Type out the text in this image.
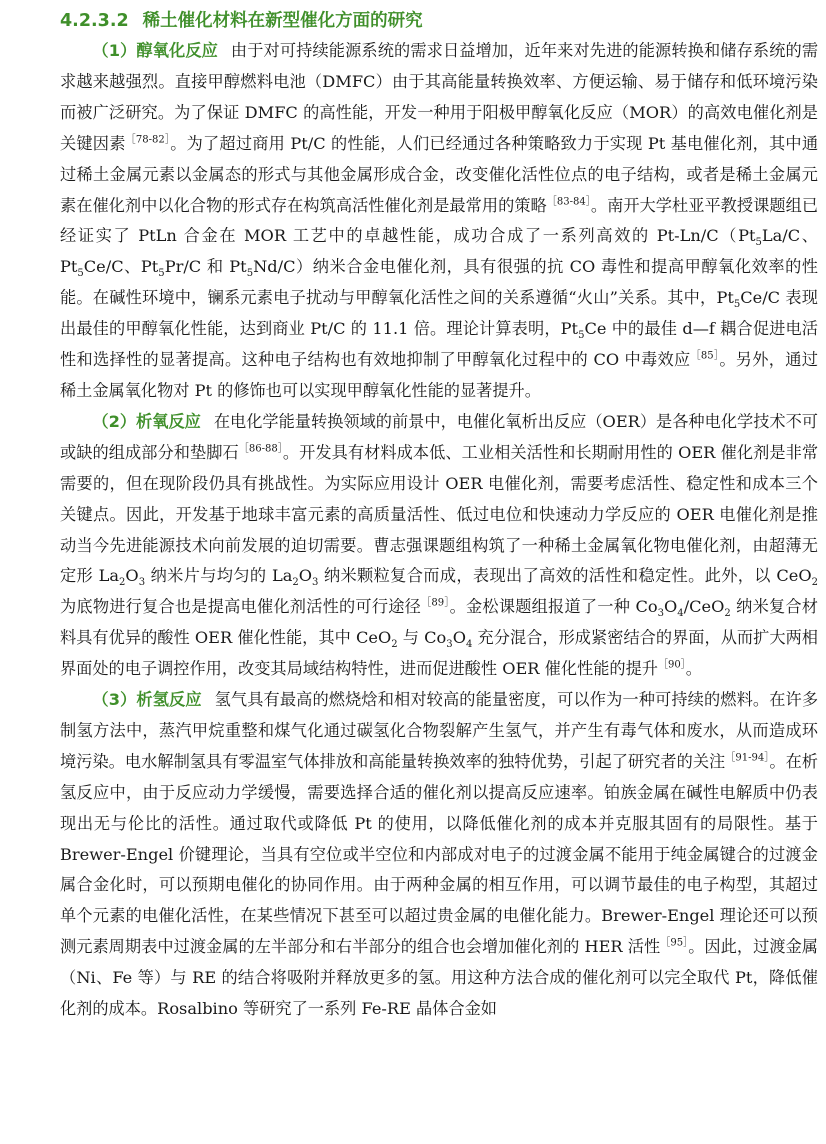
4.2.3.2 稀土催化材料在新型催化方面的研究

（1）醇氧化反应 由于对可持续能源系统的需求日益增加，近年来对先进的能源转换和储存系统的需求越来越强烈。直接甲醇燃料电池（DMFC）由于其高能量转换效率、方便运输、易于储存和低环境污染而被广泛研究。为了保证 DMFC 的高性能，开发一种用于阳极甲醇氧化反应（MOR）的高效电催化剂是关键因素$^{[78-82]}$。为了超过商用 Pt/C 的性能，人们已经通过各种策略致力于实现 Pt 基电催化剂，其中通过稀土金属元素以金属态的形式与其他金属形成合金，改变催化活性位点的电子结构，或者是稀土金属元素在催化剂中以化合物的形式存在构筑高活性催化剂是最常用的策略$^{[83-84]}$。南开大学杜亚平教授课题组已经证实了 PtLn 合金在 MOR 工艺中的卓越性能，成功合成了一系列高效的 $Pt-Ln/C(Pt_5La/C$、$Pt_5Ce/C$、$Pt_5Pr/C$ 和 $Pt_5Nd/C$）纳米合金电催化剂，具有很强的抗 CO 毒性和提高甲醇氧化效率的性能。在碱性环境中，镧系元素电子扰动与甲醇氧化活性之间的关系遵循“火山”关系。其中，$Pt_5Ce/C$ 表现出最佳的甲醇氧化性能，达到商业 Pt/C 的 11.1 倍。理论计算表明，$Pt_5Ce$ 中的最佳 d—f 耦合促进电活性和选择性的显著提高。这种电子结构也有效地抑制了甲醇氧化过程中的 CO 中毒效应$^{[85]}$。另外，通过稀土金属氧化物对 Pt 的修饰也可以实现甲醇氧化性能的显著提升。

（2）析氧反应 在电化学能量转换领域的前景中，电催化氧析出反应（OER）是各种电化学技术不可或缺的组成部分和垫脚石$^{[86-88]}$。开发具有材料成本低、工业相关活性和长期耐用性的 OER 催化剂是非常需要的，但在现阶段仍具有挑战性。为实际应用设计 OER 电催化剂，需要考虑活性、稳定性和成本三个关键点。因此，开发基于地球丰富元素的高质量活性、低过电位和快速动力学反应的 OER 电催化剂是推动当今先进能源技术向前发展的迫切需要。曹志强课题组构筑了一种稀土金属氧化物电催化剂，由超薄无定形 $La_2O_3$ 纳米片与均匀的 $La_2O_3$ 纳米颗粒复合而成，表现出了高效的活性和稳定性。此外，以 CeO$_2$ 为底物进行复合也是提高电催化剂活性的可行途径$^{[89]}$。金松课题组报道了一种 $Co_3O_4/CeO_2$ 纳米复合材料具有优异的酸性 OER 催化性能，其中 CeO$_2$ 与 $Co_3O_4$ 充分混合，形成紧密结合的界面，从而扩大两相界面处的电子调控作用，改变其局域结构特性，进而促进酸性 OER 催化性能的提升$^{[90]}$。

（3）析氢反应 氢气具有最高的燃烧焓和相对较高的能量密度，可以作为一种可持续的燃料。在许多制氢方法中，蒸汽甲烷重整和煤气化通过碳氢化合物裂解产生氢气，并产生有毒气体和废水，从而造成环境污染。电水解制氢具有零温室气体排放和高能量转换效率的独特优势，引起了研究者的关注$^{[91-94]}$。在析氢反应中，由于反应动力学缓慢，需要选择合适的催化剂以提高反应速率。铂族金属在碱性电解质中仍表现出无与伦比的活性。通过取代或降低 Pt 的使用，以降低催化剂的成本并克服其固有的局限性。基于 Brewer-Engel 价键理论，当具有空位或半空位和内部成对电子的过渡金属不能用于纯金属键合的过渡金属合金化时，可以预期电催化的协同作用。由于两种金属的相互作用，可以调节最佳的电子构型，其超过单个元素的电催化活性，在某些情况下甚至可以超过贵金属的电催化能力。Brewer-Engel 理论还可以预测元素周期表中过渡金属的左半部分和右半部分的组合也会增加催化剂的 HER 活性$^{[95]}$。因此，过渡金属（Ni、Fe 等）与 RE 的结合将吸附并释放更多的氢。用这种方法合成的催化剂可以完全取代 Pt，降低催化剂的成本。Rosalbino 等研究了一系列 Fe-RE 晶体合金如
